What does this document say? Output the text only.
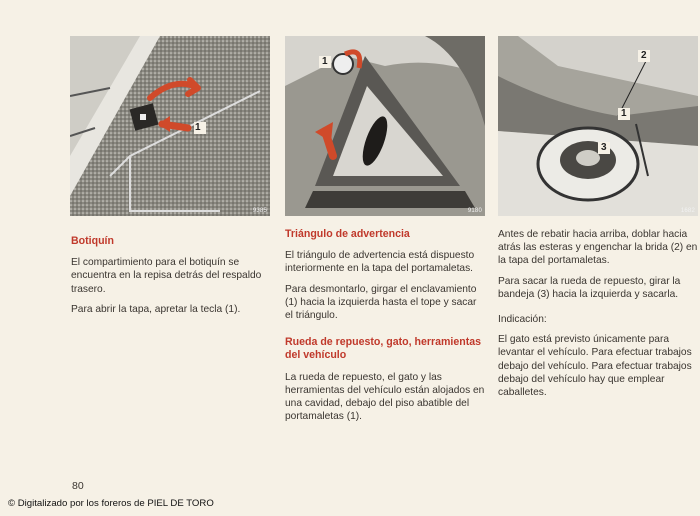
1
9385
1
9180
2
1
3
1682
Botiquín

El compartimiento para el botiquín se encuentra en la repisa detrás del respaldo trasero.

Para abrir la tapa, apretar la tecla (1).

Triángulo de advertencia

El triángulo de advertencia está dispuesto interiormente en la tapa del portamaletas.

Para desmontarlo, girgar el enclavamiento (1) hacia la izquierda hasta el tope y sacar el triángulo.

Rueda de repuesto, gato, herramientas del vehículo

La rueda de repuesto, el gato y las herramientas del vehículo están alojados en una cavidad, debajo del piso abatible del portamaletas (1).

Antes de rebatir hacia arriba, doblar hacia atrás las esteras y engenchar la brida (2) en la tapa del portamaletas.

Para sacar la rueda de repuesto, girar la bandeja (3) hacia la izquierda y sacarla.

Indicación:

El gato está previsto únicamente para levantar el vehículo. Para efectuar trabajos debajo del vehículo. Para efectuar trabajos debajo del vehículo hay que emplear caballetes.

80
© Digitalizado por los foreros de PIEL DE TORO
